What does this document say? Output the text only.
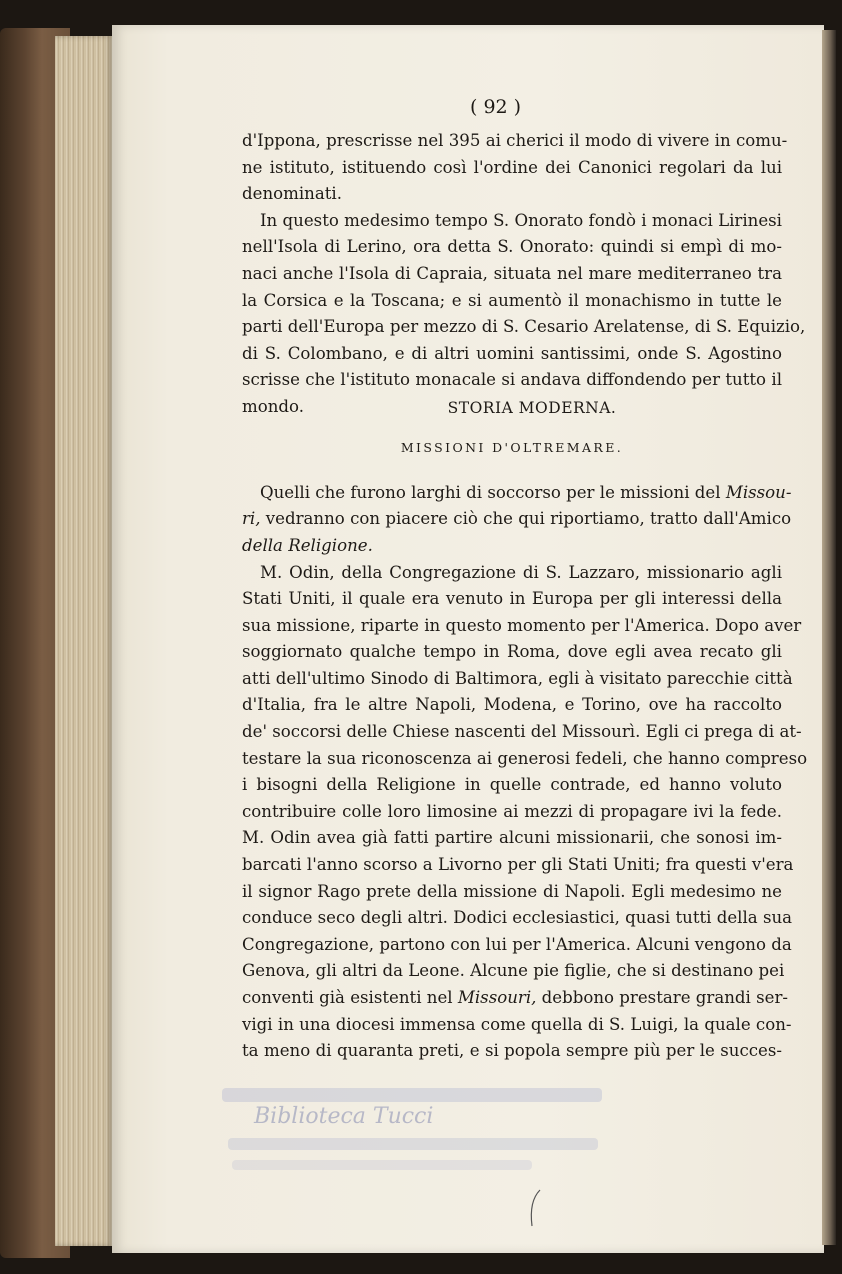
( 92 )
d'Ippona, prescrisse nel 395 ai cherici il modo di vivere in comu-
ne istituto, istituendo così l'ordine dei Canonici regolari da lui
denominati.
In questo medesimo tempo S. Onorato fondò i monaci Lirinesi
nell'Isola di Lerino, ora detta S. Onorato: quindi si empì di mo-
naci anche l'Isola di Capraia, situata nel mare mediterraneo tra
la Corsica e la Toscana; e si aumentò il monachismo in tutte le
parti dell'Europa per mezzo di S. Cesario Arelatense, di S. Equizio,
di S. Colombano, e di altri uomini santissimi, onde S. Agostino
scrisse che l'istituto monacale si andava diffondendo per tutto il
mondo.	STORIA MODERNA.
MISSIONI D'OLTREMARE.
Quelli che furono larghi di soccorso per le missioni del Missou-
ri, vedranno con piacere ciò che qui riportiamo, tratto dall'Amico
della Religione.
M. Odin, della Congregazione di S. Lazzaro, missionario agli
Stati Uniti, il quale era venuto in Europa per gli interessi della
sua missione, riparte in questo momento per l'America. Dopo aver
soggiornato qualche tempo in Roma, dove egli avea recato gli
atti dell'ultimo Sinodo di Baltimora, egli à visitato parecchie città
d'Italia, fra le altre Napoli, Modena, e Torino, ove ha raccolto
de' soccorsi delle Chiese nascenti del Missourì. Egli ci prega di at-
testare la sua riconoscenza ai generosi fedeli, che hanno compreso
i bisogni della Religione in quelle contrade, ed hanno voluto
contribuire colle loro limosine ai mezzi di propagare ivi la fede.
M. Odin avea già fatti partire alcuni missionarii, che sonosi im-
barcati l'anno scorso a Livorno per gli Stati Uniti; fra questi v'era
il signor Rago prete della missione di Napoli. Egli medesimo ne
conduce seco degli altri. Dodici ecclesiastici, quasi tutti della sua
Congregazione, partono con lui per l'America. Alcuni vengono da
Genova, gli altri da Leone. Alcune pie figlie, che si destinano pei
conventi già esistenti nel Missouri, debbono prestare grandi ser-
vigi in una diocesi immensa come quella di S. Luigi, la quale con-
ta meno di quaranta preti, e si popola sempre più per le succes-
Biblioteca Tucci
